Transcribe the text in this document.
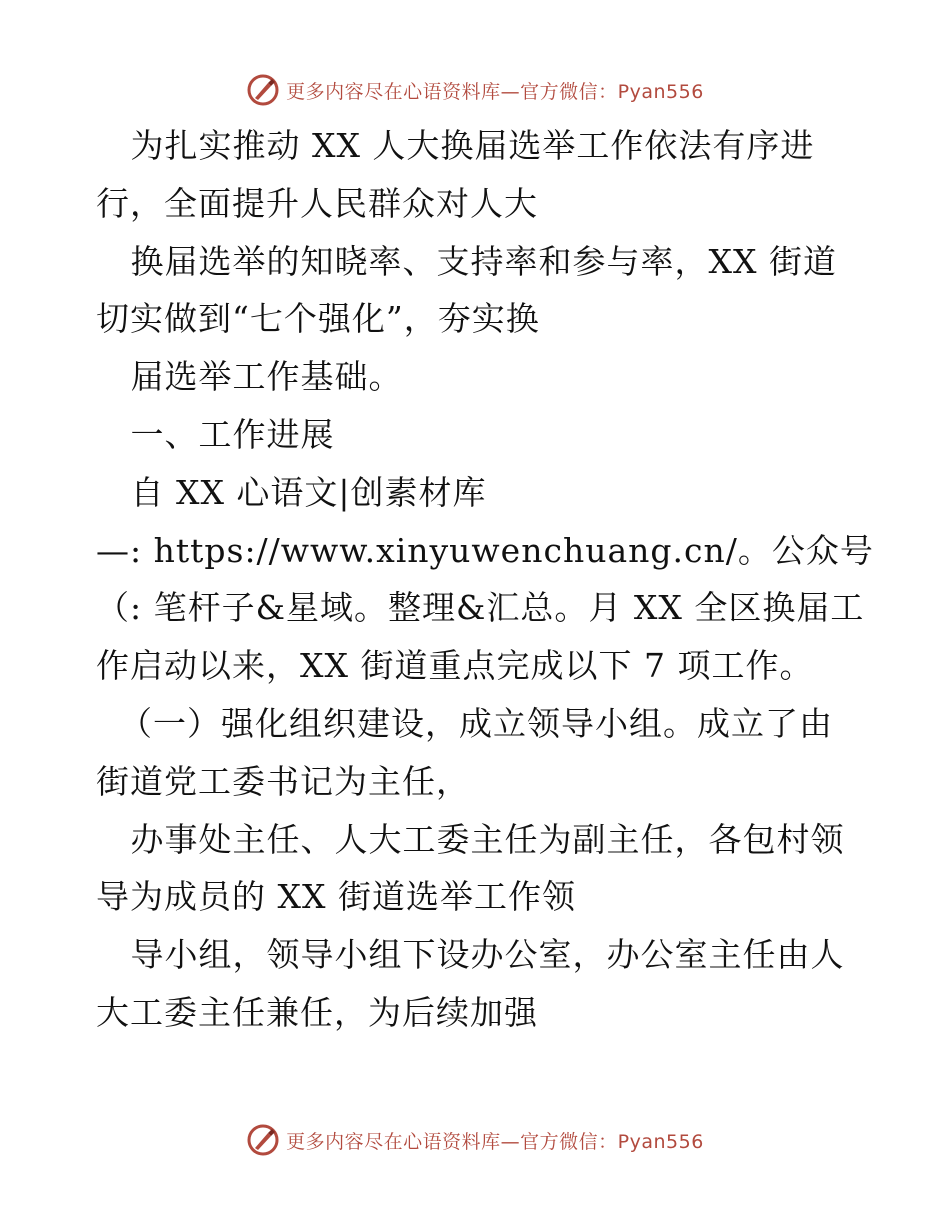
更多内容尽在心语资料库—官方微信：Pyan556
为扎实推动 XX 人大换届选举工作依法有序进
行，全面提升人民群众对人大
换届选举的知晓率、支持率和参与率，XX 街道
切实做到“七个强化”，夯实换
届选举工作基础。
一、工作进展
自 XX 心语文|创素材库
—: https://www.xinyuwenchuang.cn/。公众号
（: 笔杆子&星域。整理&汇总。月 XX 全区换届工
作启动以来，XX 街道重点完成以下 7 项工作。
（一）强化组织建设，成立领导小组。成立了由
街道党工委书记为主任，
办事处主任、人大工委主任为副主任，各包村领
导为成员的 XX 街道选举工作领
导小组，领导小组下设办公室，办公室主任由人
大工委主任兼任，为后续加强
更多内容尽在心语资料库—官方微信：Pyan556
